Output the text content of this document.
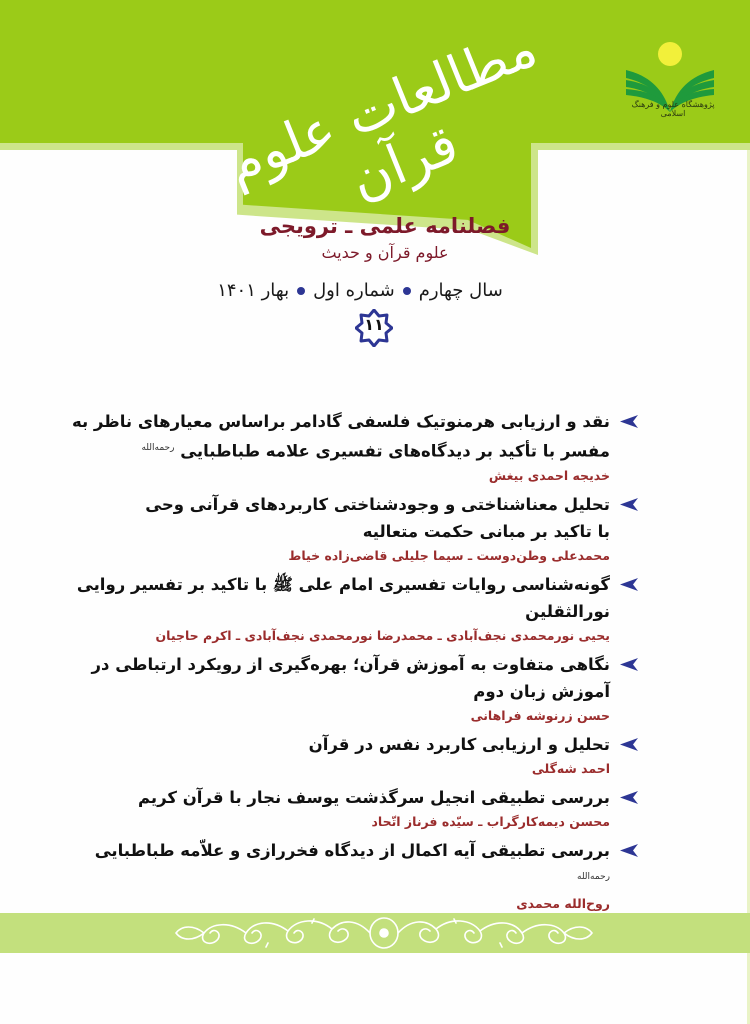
مطالعات علوم قرآن
پژوهشگاه علوم و فرهنگ اسلامی
فصلنامه علمی ـ ترویجی
علوم قرآن و حدیث
سال چهارم
شماره اول
بهار ۱۴۰۱
۱۱
نقد و ارزیابی هرمنوتیک فلسفی گادامر براساس معیارهای ناظر به
مفسر با تأکید بر دیدگاه‌های تفسیری علامه طباطبایی $^{رحمه‌الله}$
خدیجه احمدی بیغش
تحلیل معناشناختی و وجودشناختی کاربردهای قرآنی وحی
با تاکید بر مبانی حکمت متعالیه
محمدعلی وطن‌دوست ـ سیما جلیلی قاضی‌زاده خیاط
گونه‌شناسی روایات تفسیری امام علی ﷺ با تاکید بر تفسیر روایی نورالثقلین
یحیی نورمحمدی نجف‌آبادی ـ محمدرضا نورمحمدی نجف‌آبادی ـ اکرم حاجیان
نگاهی متفاوت به آموزش قرآن؛ بهره‌گیری از رویکرد ارتباطی در آموزش زبان دوم
حسن زرنوشه فراهانی
تحلیل و ارزیابی کاربرد نفس در قرآن
احمد شه‌گلی
بررسی تطبیقی انجیل سرگذشت یوسف نجار با قرآن کریم
محسن دیمه‌کارگراب ـ سیّده فرناز اتّحاد
بررسی تطبیقی آیه اکمال از دیدگاه فخررازی و علاّمه طباطبایی $^{رحمه‌الله}$
روح‌الله محمدی
